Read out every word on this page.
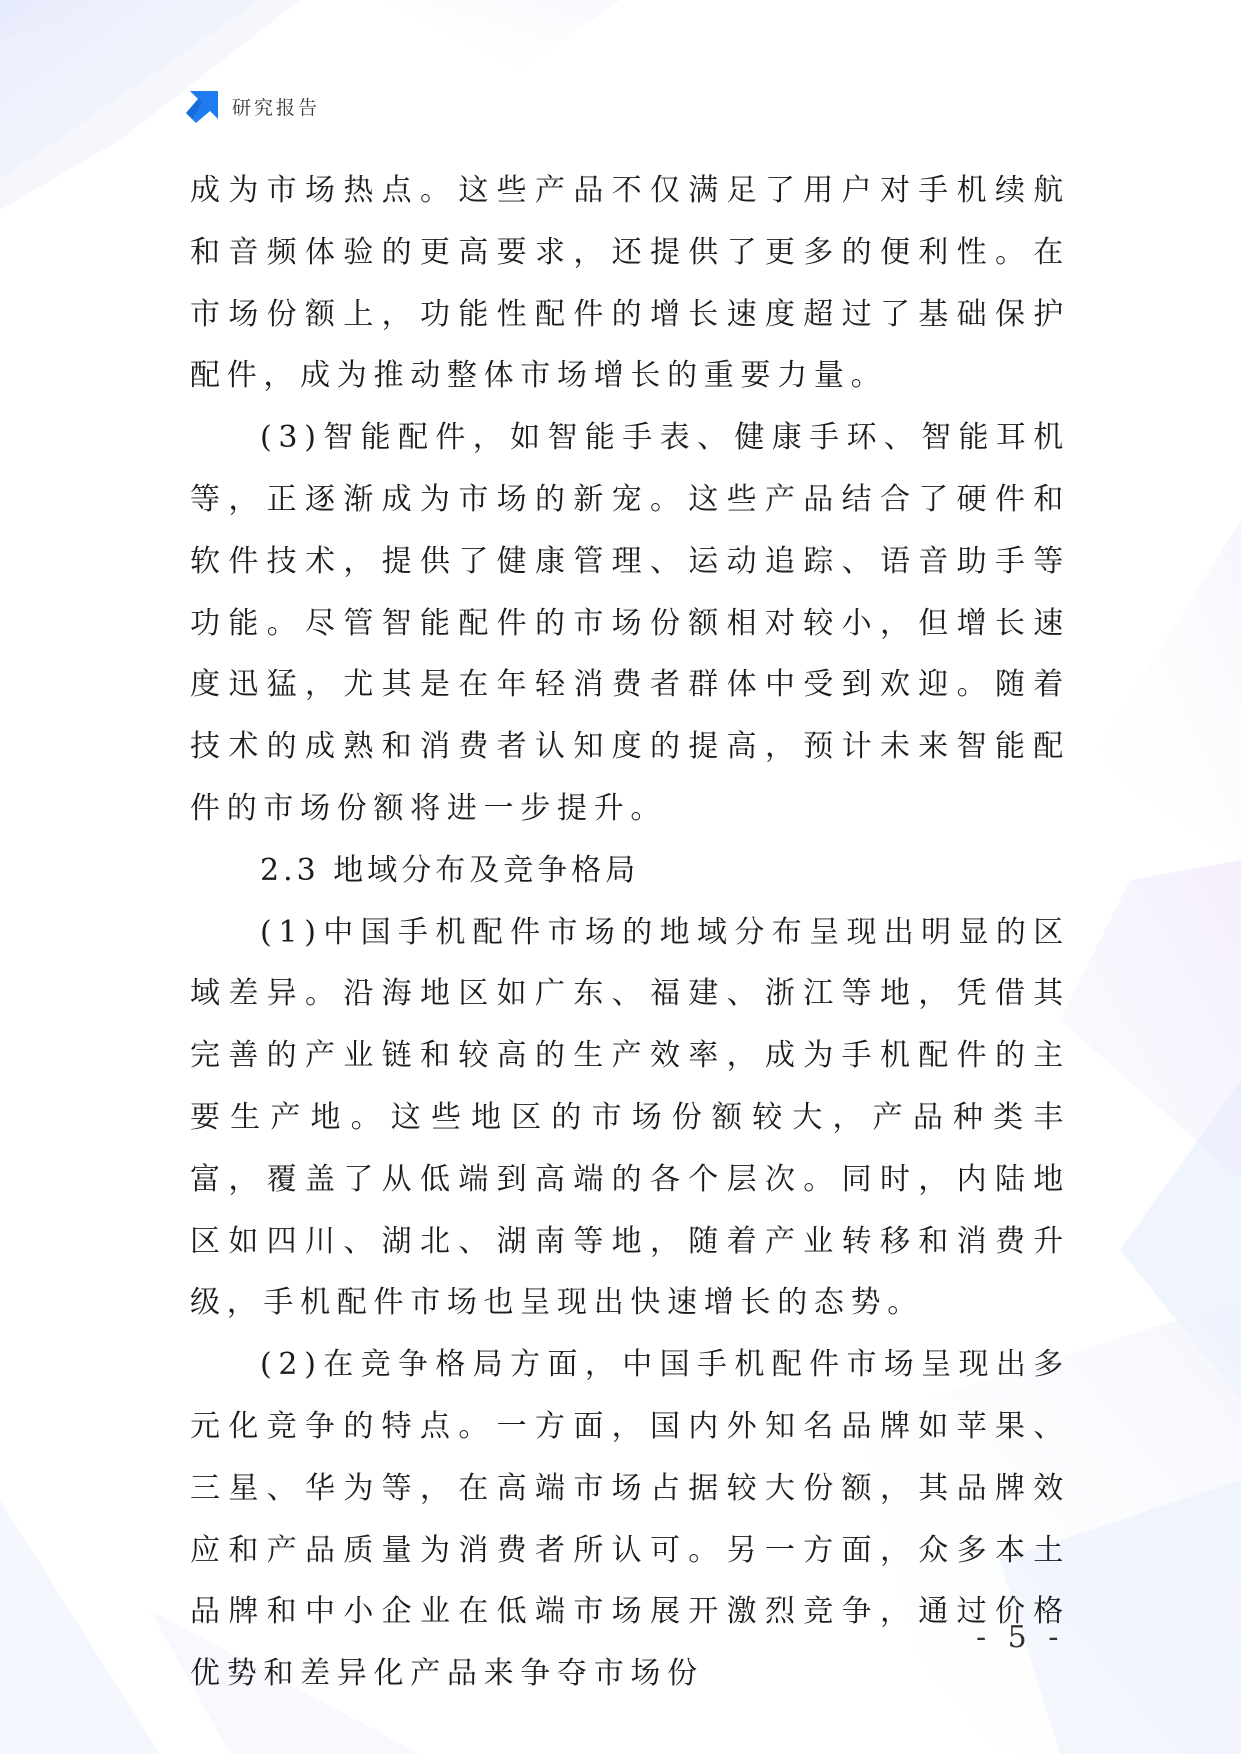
研究报告

成为市场热点。这些产品不仅满足了用户对手机续航和音频体验的更高要求，还提供了更多的便利性。在市场份额上，功能性配件的增长速度超过了基础保护配件，成为推动整体市场增长的重要力量。

(3)智能配件，如智能手表、健康手环、智能耳机等，正逐渐成为市场的新宠。这些产品结合了硬件和软件技术，提供了健康管理、运动追踪、语音助手等功能。尽管智能配件的市场份额相对较小，但增长速度迅猛，尤其是在年轻消费者群体中受到欢迎。随着技术的成熟和消费者认知度的提高，预计未来智能配件的市场份额将进一步提升。

2.3 地域分布及竞争格局

(1)中国手机配件市场的地域分布呈现出明显的区域差异。沿海地区如广东、福建、浙江等地，凭借其完善的产业链和较高的生产效率，成为手机配件的主要生产地。这些地区的市场份额较大，产品种类丰富，覆盖了从低端到高端的各个层次。同时，内陆地区如四川、湖北、湖南等地，随着产业转移和消费升级，手机配件市场也呈现出快速增长的态势。

(2)在竞争格局方面，中国手机配件市场呈现出多元化竞争的特点。一方面，国内外知名品牌如苹果、三星、华为等，在高端市场占据较大份额，其品牌效应和产品质量为消费者所认可。另一方面，众多本土品牌和中小企业在低端市场展开激烈竞争，通过价格优势和差异化产品来争夺市场份

- 5 -
